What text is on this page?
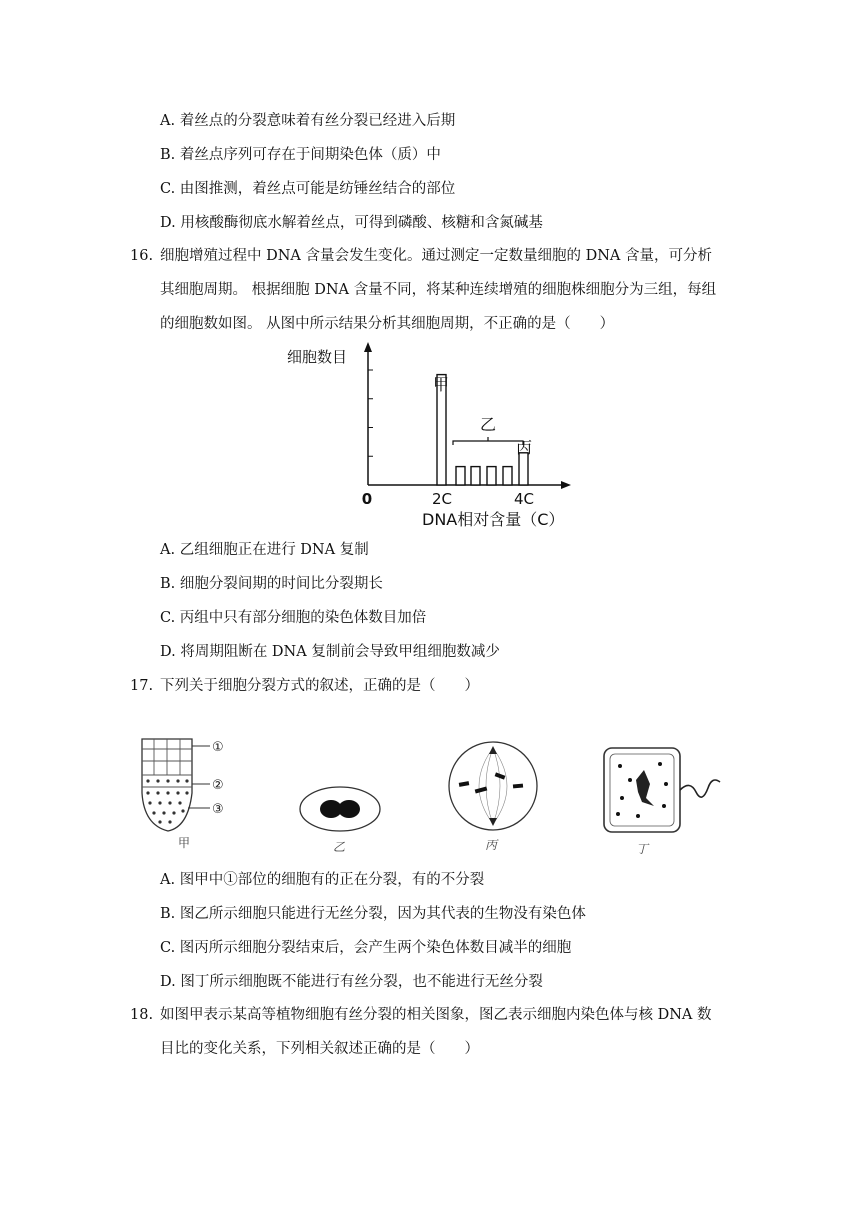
A. 着丝点的分裂意味着有丝分裂已经进入后期
B. 着丝点序列可存在于间期染色体（质）中
C. 由图推测，着丝点可能是纺锤丝结合的部位
D. 用核酸酶彻底水解着丝点，可得到磷酸、核糖和含氮碱基
16. 细胞增殖过程中 DNA 含量会发生变化。通过测定一定数量细胞的 DNA 含量，可分析
其细胞周期。 根据细胞 DNA 含量不同，将某种连续增殖的细胞株细胞分为三组，每组
的细胞数如图。 从图中所示结果分析其细胞周期，不正确的是（　　）
细胞数目
甲
乙
丙
0	2C	4C
DNA相对含量（C）
A. 乙组细胞正在进行 DNA 复制
B. 细胞分裂间期的时间比分裂期长
C. 丙组中只有部分细胞的染色体数目加倍
D. 将周期阻断在 DNA 复制前会导致甲组细胞数减少
17. 下列关于细胞分裂方式的叙述，正确的是（　　）
①
②
③
甲	乙	丙	丁
A. 图甲中①部位的细胞有的正在分裂，有的不分裂
B. 图乙所示细胞只能进行无丝分裂，因为其代表的生物没有染色体
C. 图丙所示细胞分裂结束后，会产生两个染色体数目减半的细胞
D. 图丁所示细胞既不能进行有丝分裂，也不能进行无丝分裂
18. 如图甲表示某高等植物细胞有丝分裂的相关图象，图乙表示细胞内染色体与核 DNA 数
目比的变化关系，下列相关叙述正确的是（　　）
